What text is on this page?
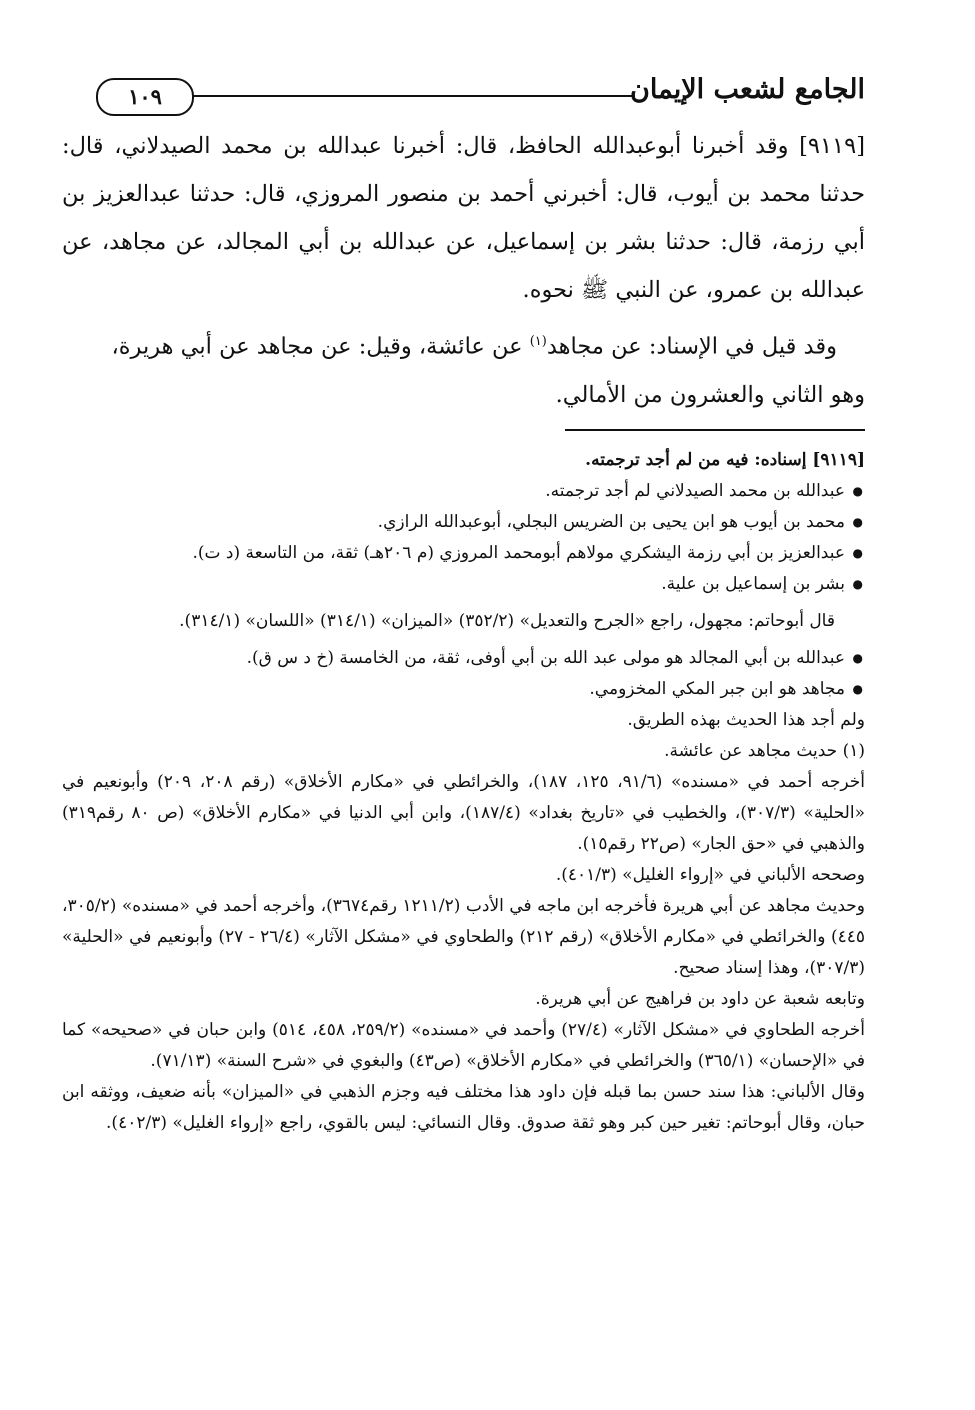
الجامع لشعب الإيمان
١٠٩

[٩١١٩] وقد أخبرنا أبوعبدالله الحافظ، قال: أخبرنا عبدالله بن محمد الصيدلاني، قال: حدثنا محمد بن أيوب، قال: أخبرني أحمد بن منصور المروزي، قال: حدثنا عبدالعزيز بن أبي رزمة، قال: حدثنا بشر بن إسماعيل، عن عبدالله بن أبي المجالد، عن مجاهد، عن عبدالله بن عمرو، عن النبي ﷺ نحوه.

وقد قيل في الإسناد: عن مجاهد$^{(١)}$ عن عائشة، وقيل: عن مجاهد عن أبي هريرة،

وهو الثاني والعشرون من الأمالي.

[٩١١٩] إسناده: فيه من لم أجد ترجمته.

● عبدالله بن محمد الصيدلاني لم أجد ترجمته.
● محمد بن أيوب هو ابن يحيى بن الضريس البجلي، أبوعبدالله الرازي.
● عبدالعزيز بن أبي رزمة اليشكري مولاهم أبومحمد المروزي (م ٢٠٦هـ) ثقة، من التاسعة (د ت).
● بشر بن إسماعيل بن علية.

قال أبوحاتم: مجهول، راجع «الجرح والتعديل» (٣٥٢/٢) «الميزان» (٣١٤/١) «اللسان» (٣١٤/١).

● عبدالله بن أبي المجالد هو مولى عبد الله بن أبي أوفى، ثقة، من الخامسة (خ د س ق).
● مجاهد هو ابن جبر المكي المخزومي.

ولم أجد هذا الحديث بهذه الطريق.

(١) حديث مجاهد عن عائشة.

أخرجه أحمد في «مسنده» (٩١/٦، ١٢٥، ١٨٧)، والخرائطي في «مكارم الأخلاق» (رقم ٢٠٨، ٢٠٩) وأبونعيم في «الحلية» (٣٠٧/٣)، والخطيب في «تاريخ بغداد» (١٨٧/٤)، وابن أبي الدنيا في «مكارم الأخلاق» (ص ٨٠ رقم٣١٩) والذهبي في «حق الجار» (ص٢٢ رقم١٥).

وصححه الألباني في «إرواء الغليل» (٤٠١/٣).

وحديث مجاهد عن أبي هريرة فأخرجه ابن ماجه في الأدب (١٢١١/٢ رقم٣٦٧٤)، وأخرجه أحمد في «مسنده» (٣٠٥/٢، ٤٤٥) والخرائطي في «مكارم الأخلاق» (رقم ٢١٢) والطحاوي في «مشكل الآثار» (٢٦/٤ - ٢٧) وأبونعيم في «الحلية» (٣٠٧/٣)، وهذا إسناد صحيح.

وتابعه شعبة عن داود بن فراهيج عن أبي هريرة.

أخرجه الطحاوي في «مشكل الآثار» (٢٧/٤) وأحمد في «مسنده» (٢٥٩/٢، ٤٥٨، ٥١٤) وابن حبان في «صحيحه» كما في «الإحسان» (٣٦٥/١) والخرائطي في «مكارم الأخلاق» (ص٤٣) والبغوي في «شرح السنة» (٧١/١٣).

وقال الألباني: هذا سند حسن بما قبله فإن داود هذا مختلف فيه وجزم الذهبي في «الميزان» بأنه ضعيف، ووثقه ابن حبان، وقال أبوحاتم: تغير حين كبر وهو ثقة صدوق. وقال النسائي: ليس بالقوي، راجع «إرواء الغليل» (٤٠٢/٣).
